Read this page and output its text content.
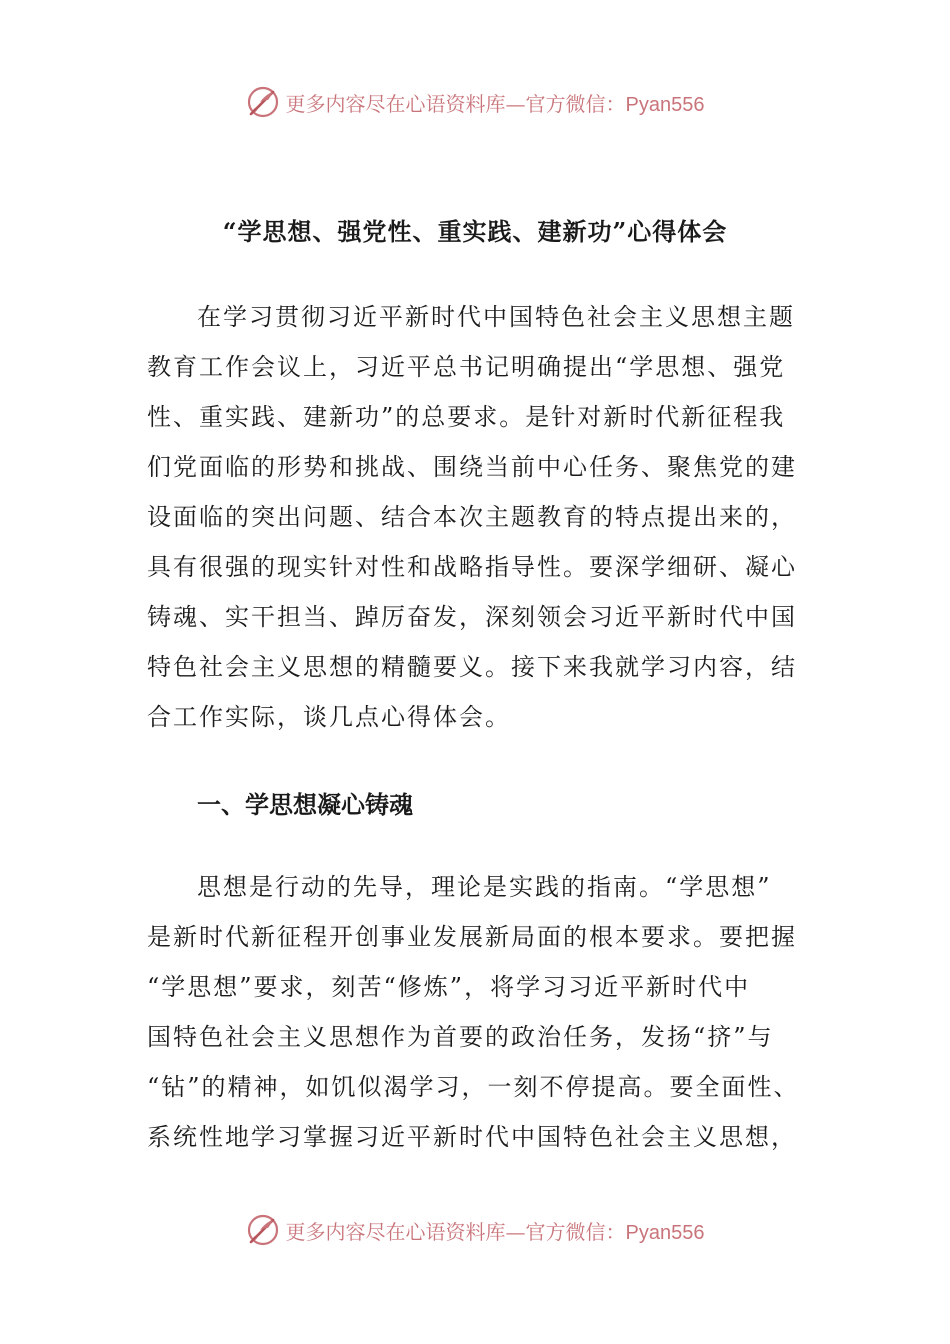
更多内容尽在心语资料库—官方微信：Pyan556
“学思想、强党性、重实践、建新功”心得体会
在学习贯彻习近平新时代中国特色社会主义思想主题
教育工作会议上，习近平总书记明确提出“学思想、强党
性、重实践、建新功”的总要求。是针对新时代新征程我
们党面临的形势和挑战、围绕当前中心任务、聚焦党的建
设面临的突出问题、结合本次主题教育的特点提出来的，
具有很强的现实针对性和战略指导性。要深学细研、凝心
铸魂、实干担当、踔厉奋发，深刻领会习近平新时代中国
特色社会主义思想的精髓要义。接下来我就学习内容，结
合工作实际，谈几点心得体会。
一、学思想凝心铸魂
思想是行动的先导，理论是实践的指南。“学思想”
是新时代新征程开创事业发展新局面的根本要求。要把握
“学思想”要求，刻苦“修炼”，将学习习近平新时代中
国特色社会主义思想作为首要的政治任务，发扬“挤”与
“钻”的精神，如饥似渴学习，一刻不停提高。要全面性、
系统性地学习掌握习近平新时代中国特色社会主义思想，
更多内容尽在心语资料库—官方微信：Pyan556
